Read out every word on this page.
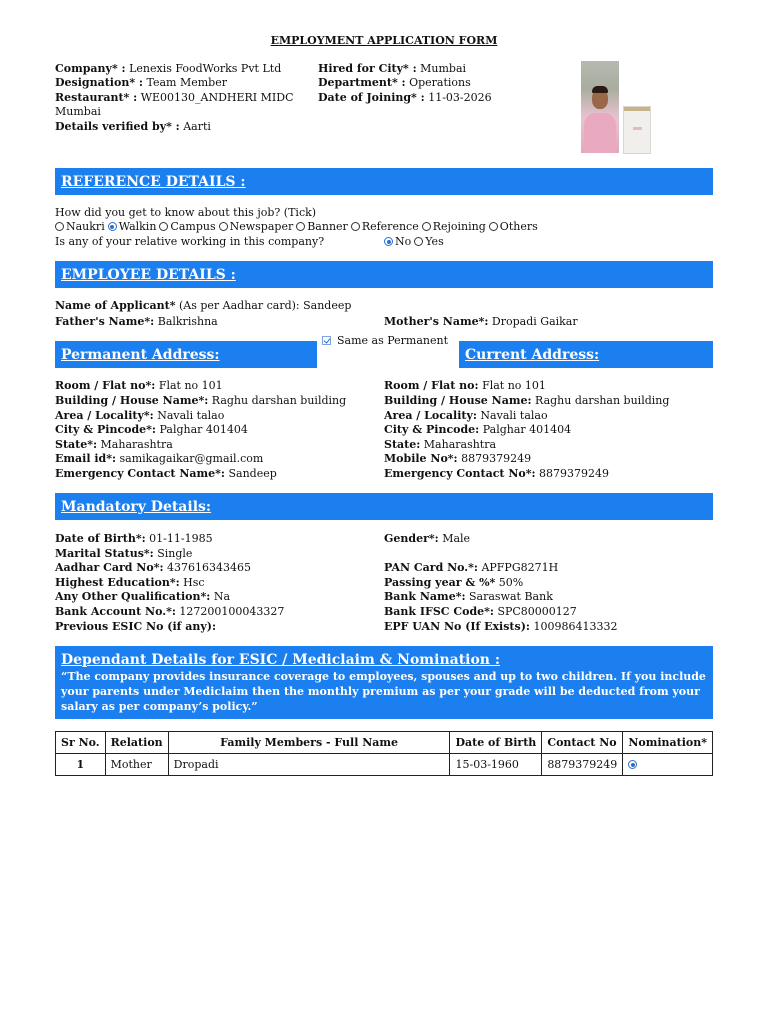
EMPLOYMENT APPLICATION FORM
Company* : Lenexis FoodWorks Pvt Ltd
Designation* : Team Member
Restaurant* : WE00130_ANDHERI MIDC
Mumbai
Details verified by* : Aarti
Hired for City* : Mumbai
Department* : Operations
Date of Joining* : 11-03-2026
REFERENCE DETAILS :
How did you get to know about this job? (Tick)
Naukri Walkin Campus Newspaper Banner Reference Rejoining Others
Is any of your relative working in this company?	No Yes
EMPLOYEE DETAILS :
Name of Applicant* (As per Aadhar card): Sandeep
Father's Name*: Balkrishna	Mother's Name*: Dropadi Gaikar
Permanent Address:
Same as Permanent
Current Address:
Room / Flat no*: Flat no 101
Building / House Name*: Raghu darshan building
Area / Locality*: Navali talao
City & Pincode*: Palghar 401404
State*: Maharashtra
Email id*: samikagaikar@gmail.com
Emergency Contact Name*: Sandeep
Room / Flat no: Flat no 101
Building / House Name: Raghu darshan building
Area / Locality: Navali talao
City & Pincode: Palghar 401404
State: Maharashtra
Mobile No*: 8879379249
Emergency Contact No*: 8879379249
Mandatory Details:
Date of Birth*: 01-11-1985	Gender*: Male
Marital Status*: Single
Aadhar Card No*: 437616343465	PAN Card No.*: APFPG8271H
Highest Education*: Hsc	Passing year & %* 50%
Any Other Qualification*: Na	Bank Name*: Saraswat Bank
Bank Account No.*: 127200100043327	Bank IFSC Code*: SPC80000127
Previous ESIC No (if any):	EPF UAN No (If Exists): 100986413332
Dependant Details for ESIC / Mediclaim & Nomination :
“The company provides insurance coverage to employees, spouses and up to two children. If you include
your parents under Mediclaim then the monthly premium as per your grade will be deducted from your
salary as per company’s policy.”
Sr No.	Relation	Family Members - Full Name	Date of Birth	Contact No	Nomination*
1	Mother	Dropadi	15-03-1960	8879379249	
